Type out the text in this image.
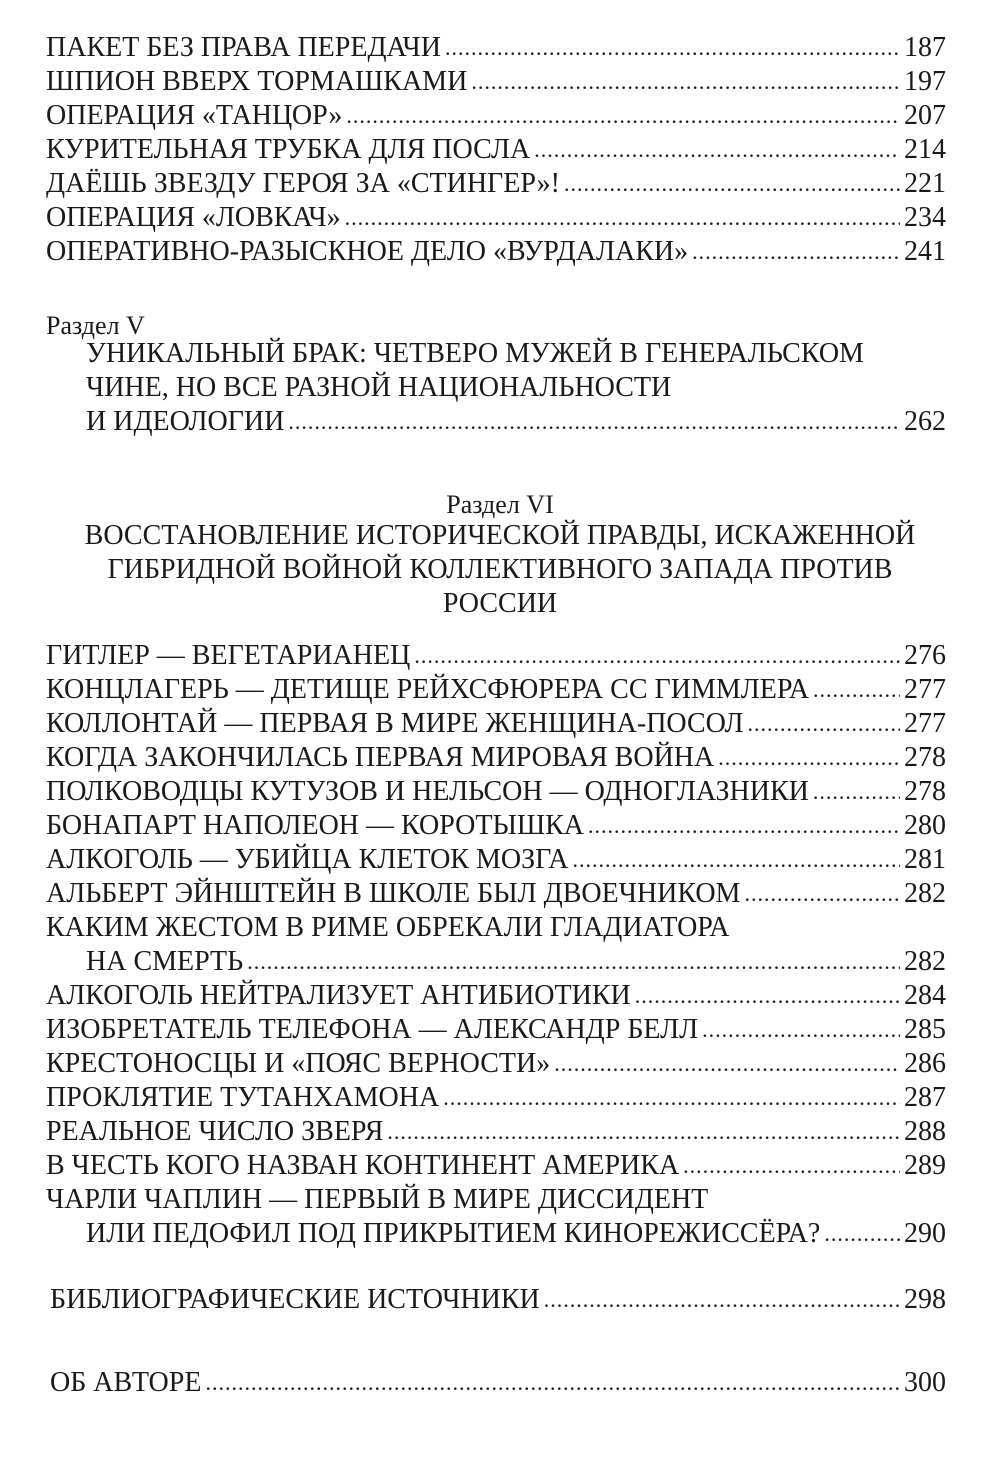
ПАКЕТ БЕЗ ПРАВА ПЕРЕДАЧИ .....	187
ШПИОН ВВЕРХ ТОРМАШКАМИ .....	197
ОПЕРАЦИЯ «ТАНЦОР» .....	207
КУРИТЕЛЬНАЯ ТРУБКА ДЛЯ ПОСЛА .....	214
ДАЁШЬ ЗВЕЗДУ ГЕРОЯ ЗА «СТИНГЕР»! .....	221
ОПЕРАЦИЯ «ЛОВКАЧ» .....	234
ОПЕРАТИВНО-РАЗЫСКНОЕ ДЕЛО «ВУРДАЛАКИ» .....	241
Раздел V
УНИКАЛЬНЫЙ БРАК: ЧЕТВЕРО МУЖЕЙ В ГЕНЕРАЛЬСКОМ
ЧИНЕ, НО ВСЕ РАЗНОЙ НАЦИОНАЛЬНОСТИ
И ИДЕОЛОГИИ .....	262
Раздел VI
ВОССТАНОВЛЕНИЕ ИСТОРИЧЕСКОЙ ПРАВДЫ, ИСКАЖЕННОЙ
ГИБРИДНОЙ ВОЙНОЙ КОЛЛЕКТИВНОГО ЗАПАДА ПРОТИВ
РОССИИ
ГИТЛЕР — ВЕГЕТАРИАНЕЦ .....	276
КОНЦЛАГЕРЬ — ДЕТИЩЕ РЕЙХСФЮРЕРА СС ГИММЛЕРА .....	277
КОЛЛОНТАЙ — ПЕРВАЯ В МИРЕ ЖЕНЩИНА-ПОСОЛ .....	277
КОГДА ЗАКОНЧИЛАСЬ ПЕРВАЯ МИРОВАЯ ВОЙНА .....	278
ПОЛКОВОДЦЫ КУТУЗОВ И НЕЛЬСОН — ОДНОГЛАЗНИКИ .....	278
БОНАПАРТ НАПОЛЕОН — КОРОТЫШКА .....	280
АЛКОГОЛЬ — УБИЙЦА КЛЕТОК МОЗГА .....	281
АЛЬБЕРТ ЭЙНШТЕЙН В ШКОЛЕ БЫЛ ДВОЕЧНИКОМ .....	282
КАКИМ ЖЕСТОМ В РИМЕ ОБРЕКАЛИ ГЛАДИАТОРА
НА СМЕРТЬ .....	282
АЛКОГОЛЬ НЕЙТРАЛИЗУЕТ АНТИБИОТИКИ .....	284
ИЗОБРЕТАТЕЛЬ ТЕЛЕФОНА — АЛЕКСАНДР БЕЛЛ .....	285
КРЕСТОНОСЦЫ И «ПОЯС ВЕРНОСТИ» .....	286
ПРОКЛЯТИЕ ТУТАНХАМОНА .....	287
РЕАЛЬНОЕ ЧИСЛО ЗВЕРЯ .....	288
В ЧЕСТЬ КОГО НАЗВАН КОНТИНЕНТ АМЕРИКА .....	289
ЧАРЛИ ЧАПЛИН — ПЕРВЫЙ В МИРЕ ДИССИДЕНТ
ИЛИ ПЕДОФИЛ ПОД ПРИКРЫТИЕМ КИНОРЕЖИССЁРА? .....	290
БИБЛИОГРАФИЧЕСКИЕ ИСТОЧНИКИ .....	298
ОБ АВТОРЕ .....	300
